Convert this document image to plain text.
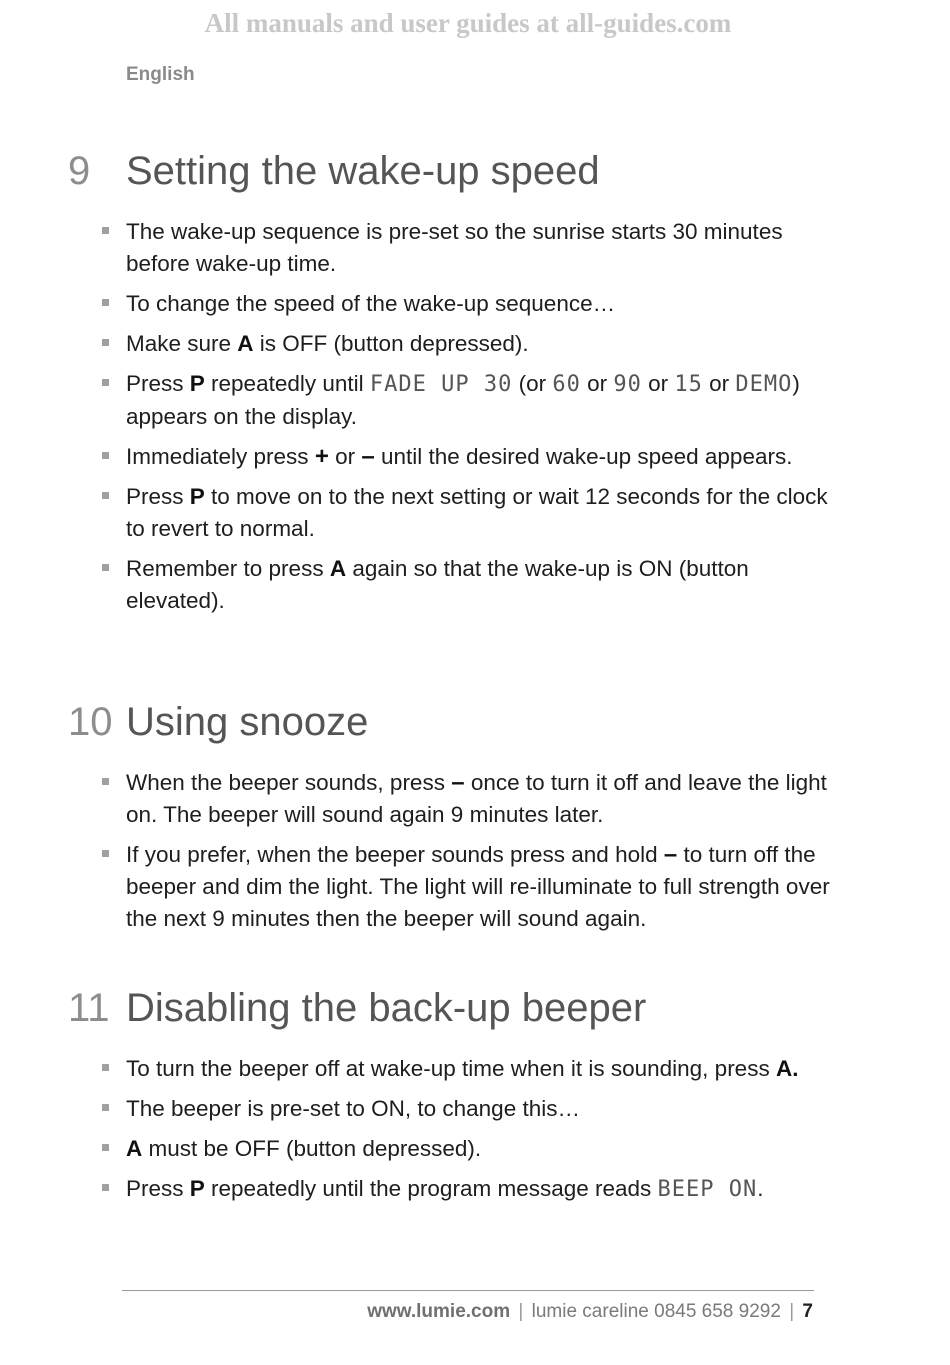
All manuals and user guides at all-guides.com
English
9 Setting the wake-up speed
The wake-up sequence is pre-set so the sunrise starts 30 minutes before wake-up time.
To change the speed of the wake-up sequence…
Make sure A is OFF (button depressed).
Press P repeatedly until FADE UP 30 (or 60 or 90 or 15 or DEMO) appears on the display.
Immediately press + or – until the desired wake-up speed appears.
Press P to move on to the next setting or wait 12 seconds for the clock to revert to normal.
Remember to press A again so that the wake-up is ON (button elevated).
10 Using snooze
When the beeper sounds, press – once to turn it off and leave the light on. The beeper will sound again 9 minutes later.
If you prefer, when the beeper sounds press and hold – to turn off the beeper and dim the light. The light will re-illuminate to full strength over the next 9 minutes then the beeper will sound again.
11 Disabling the back-up beeper
To turn the beeper off at wake-up time when it is sounding, press A.
The beeper is pre-set to ON, to change this…
A must be OFF (button depressed).
Press P repeatedly until the program message reads BEEP ON.
www.lumie.com | lumie careline 0845 658 9292 | 7
